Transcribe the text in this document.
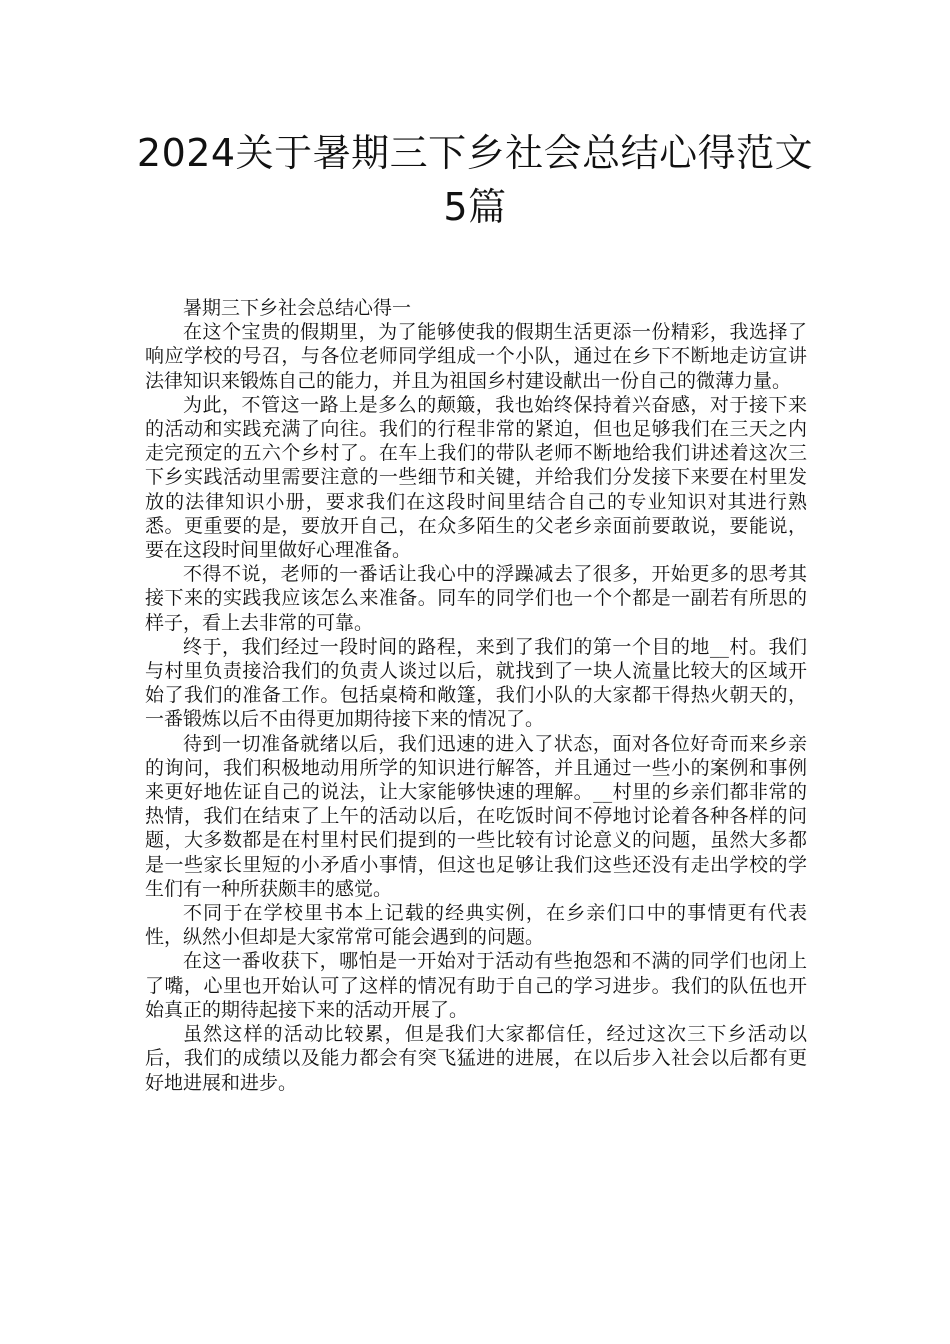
2024关于暑期三下乡社会总结心得范文
5篇

暑期三下乡社会总结心得一

在这个宝贵的假期里，为了能够使我的假期生活更添一份精彩，我选择了响应学校的号召，与各位老师同学组成一个小队，通过在乡下不断地走访宣讲法律知识来锻炼自己的能力，并且为祖国乡村建设献出一份自己的微薄力量。

为此，不管这一路上是多么的颠簸，我也始终保持着兴奋感，对于接下来的活动和实践充满了向往。我们的行程非常的紧迫，但也足够我们在三天之内走完预定的五六个乡村了。在车上我们的带队老师不断地给我们讲述着这次三下乡实践活动里需要注意的一些细节和关键，并给我们分发接下来要在村里发放的法律知识小册，要求我们在这段时间里结合自己的专业知识对其进行熟悉。更重要的是，要放开自己，在众多陌生的父老乡亲面前要敢说，要能说，要在这段时间里做好心理准备。

不得不说，老师的一番话让我心中的浮躁减去了很多，开始更多的思考其接下来的实践我应该怎么来准备。同车的同学们也一个个都是一副若有所思的样子，看上去非常的可靠。

终于，我们经过一段时间的路程，来到了我们的第一个目的地__村。我们与村里负责接洽我们的负责人谈过以后，就找到了一块人流量比较大的区域开始了我们的准备工作。包括桌椅和敞篷，我们小队的大家都干得热火朝天的，一番锻炼以后不由得更加期待接下来的情况了。

待到一切准备就绪以后，我们迅速的进入了状态，面对各位好奇而来乡亲的询问，我们积极地动用所学的知识进行解答，并且通过一些小的案例和事例来更好地佐证自己的说法，让大家能够快速的理解。__村里的乡亲们都非常的热情，我们在结束了上午的活动以后，在吃饭时间不停地讨论着各种各样的问题，大多数都是在村里村民们提到的一些比较有讨论意义的问题，虽然大多都是一些家长里短的小矛盾小事情，但这也足够让我们这些还没有走出学校的学生们有一种所获颇丰的感觉。

不同于在学校里书本上记载的经典实例，在乡亲们口中的事情更有代表性，纵然小但却是大家常常可能会遇到的问题。

在这一番收获下，哪怕是一开始对于活动有些抱怨和不满的同学们也闭上了嘴，心里也开始认可了这样的情况有助于自己的学习进步。我们的队伍也开始真正的期待起接下来的活动开展了。

虽然这样的活动比较累，但是我们大家都信任，经过这次三下乡活动以后，我们的成绩以及能力都会有突飞猛进的进展，在以后步入社会以后都有更好地进展和进步。
